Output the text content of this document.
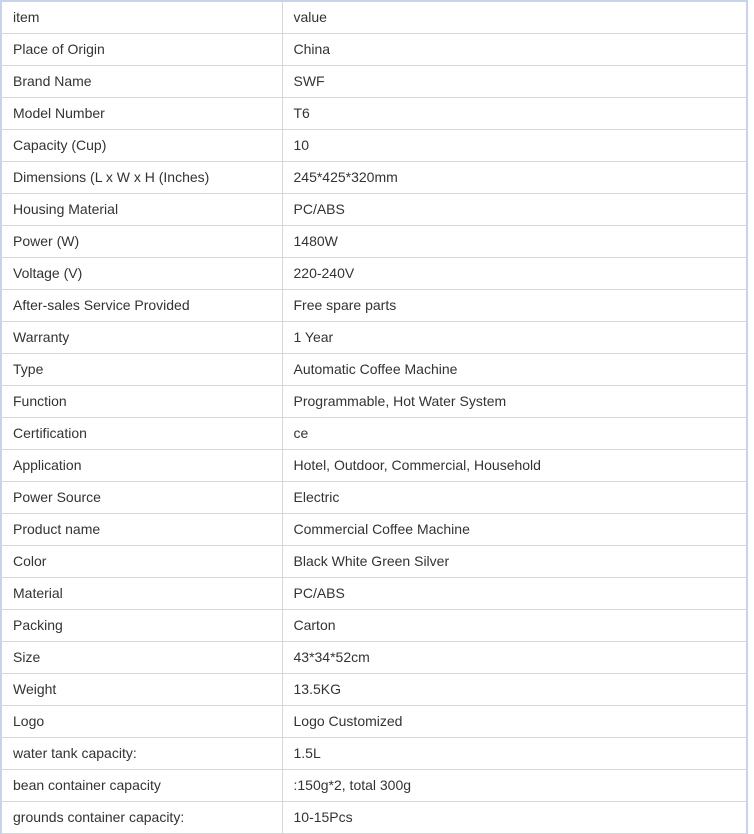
item	value
Place of Origin	China
Brand Name	SWF
Model Number	T6
Capacity (Cup)	10
Dimensions (L x W x H (Inches)	245*425*320mm
Housing Material	PC/ABS
Power (W)	1480W
Voltage (V)	220-240V
After-sales Service Provided	Free spare parts
Warranty	1 Year
Type	Automatic Coffee Machine
Function	Programmable, Hot Water System
Certification	ce
Application	Hotel, Outdoor, Commercial, Household
Power Source	Electric
Product name	Commercial Coffee Machine
Color	Black White Green Silver
Material	PC/ABS
Packing	Carton
Size	43*34*52cm
Weight	13.5KG
Logo	Logo Customized
water tank capacity:	1.5L
bean container capacity	:150g*2, total 300g
grounds container capacity:	10-15Pcs
